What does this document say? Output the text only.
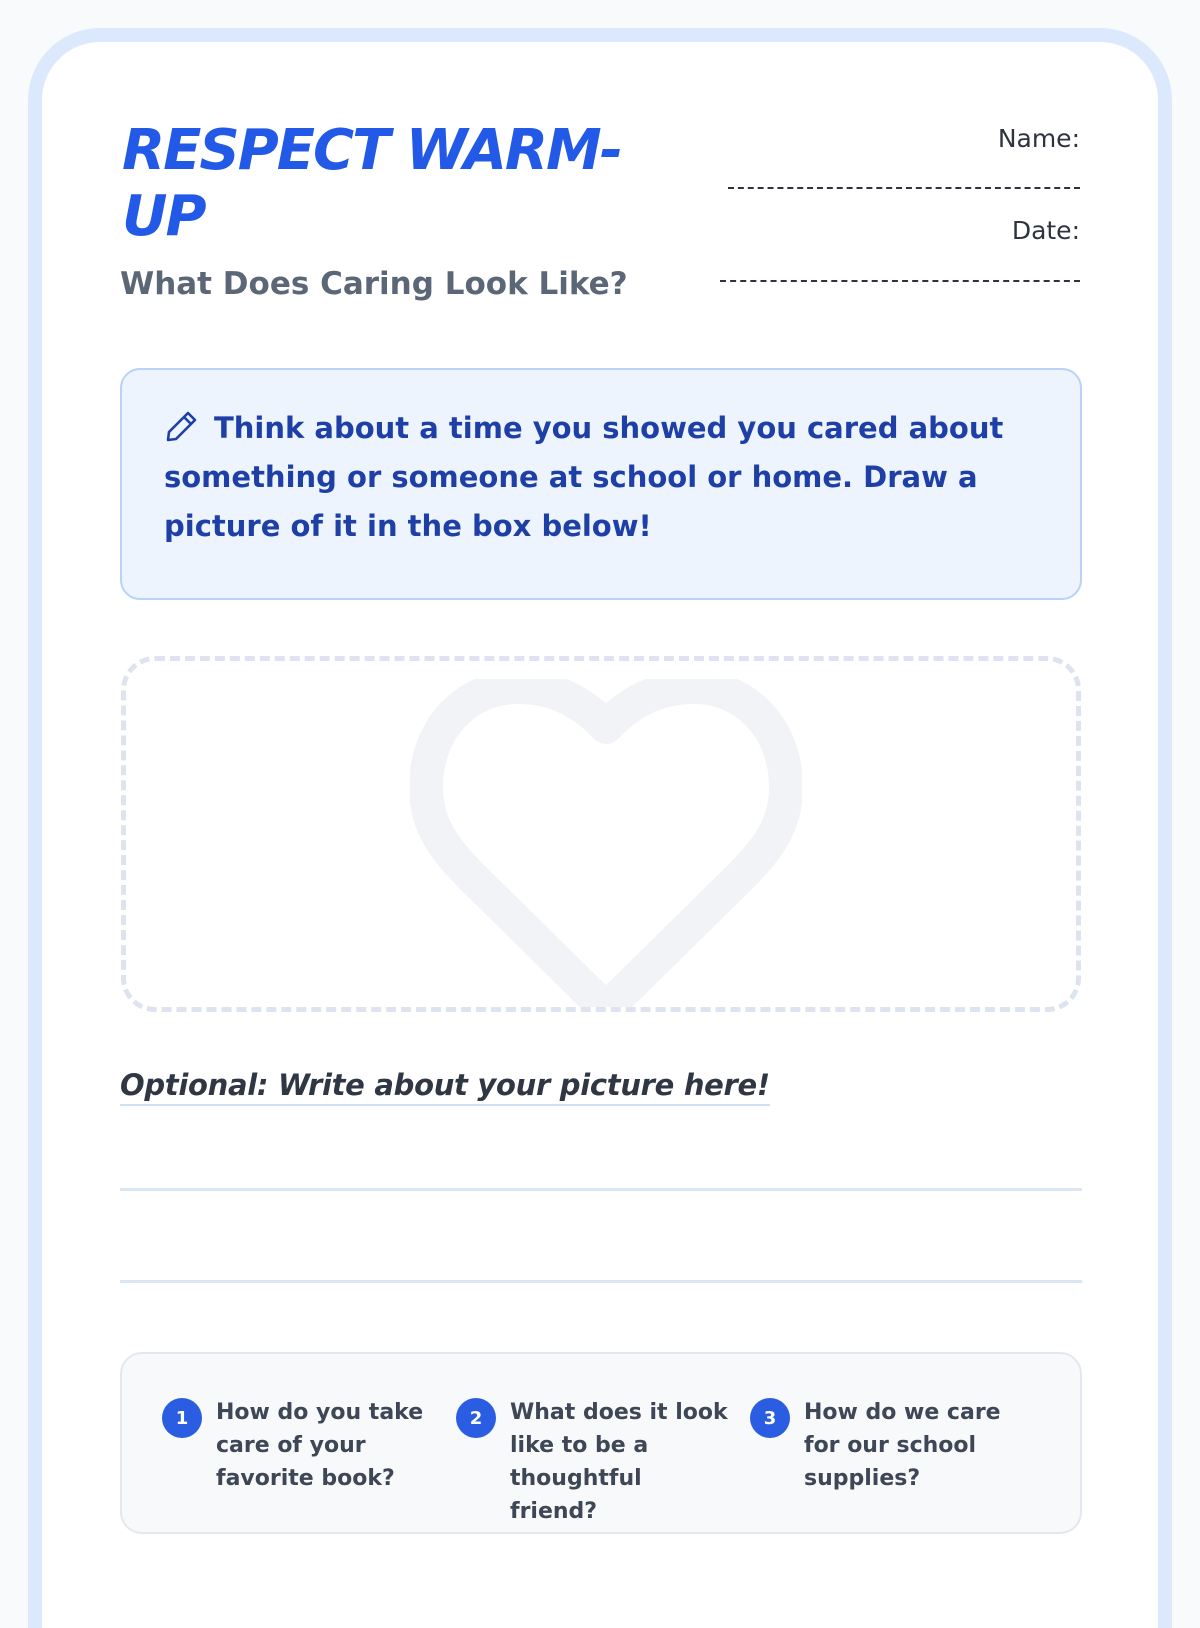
RESPECT WARM-UP
What Does Caring Look Like?
Name:
Date:

Think about a time you showed you cared about something or someone at school or home. Draw a picture of it in the box below!

Optional: Write about your picture here!

1	How do you take care of your favorite book?

2	What does it look like to be a thoughtful friend?

3	How do we care for our school supplies?
